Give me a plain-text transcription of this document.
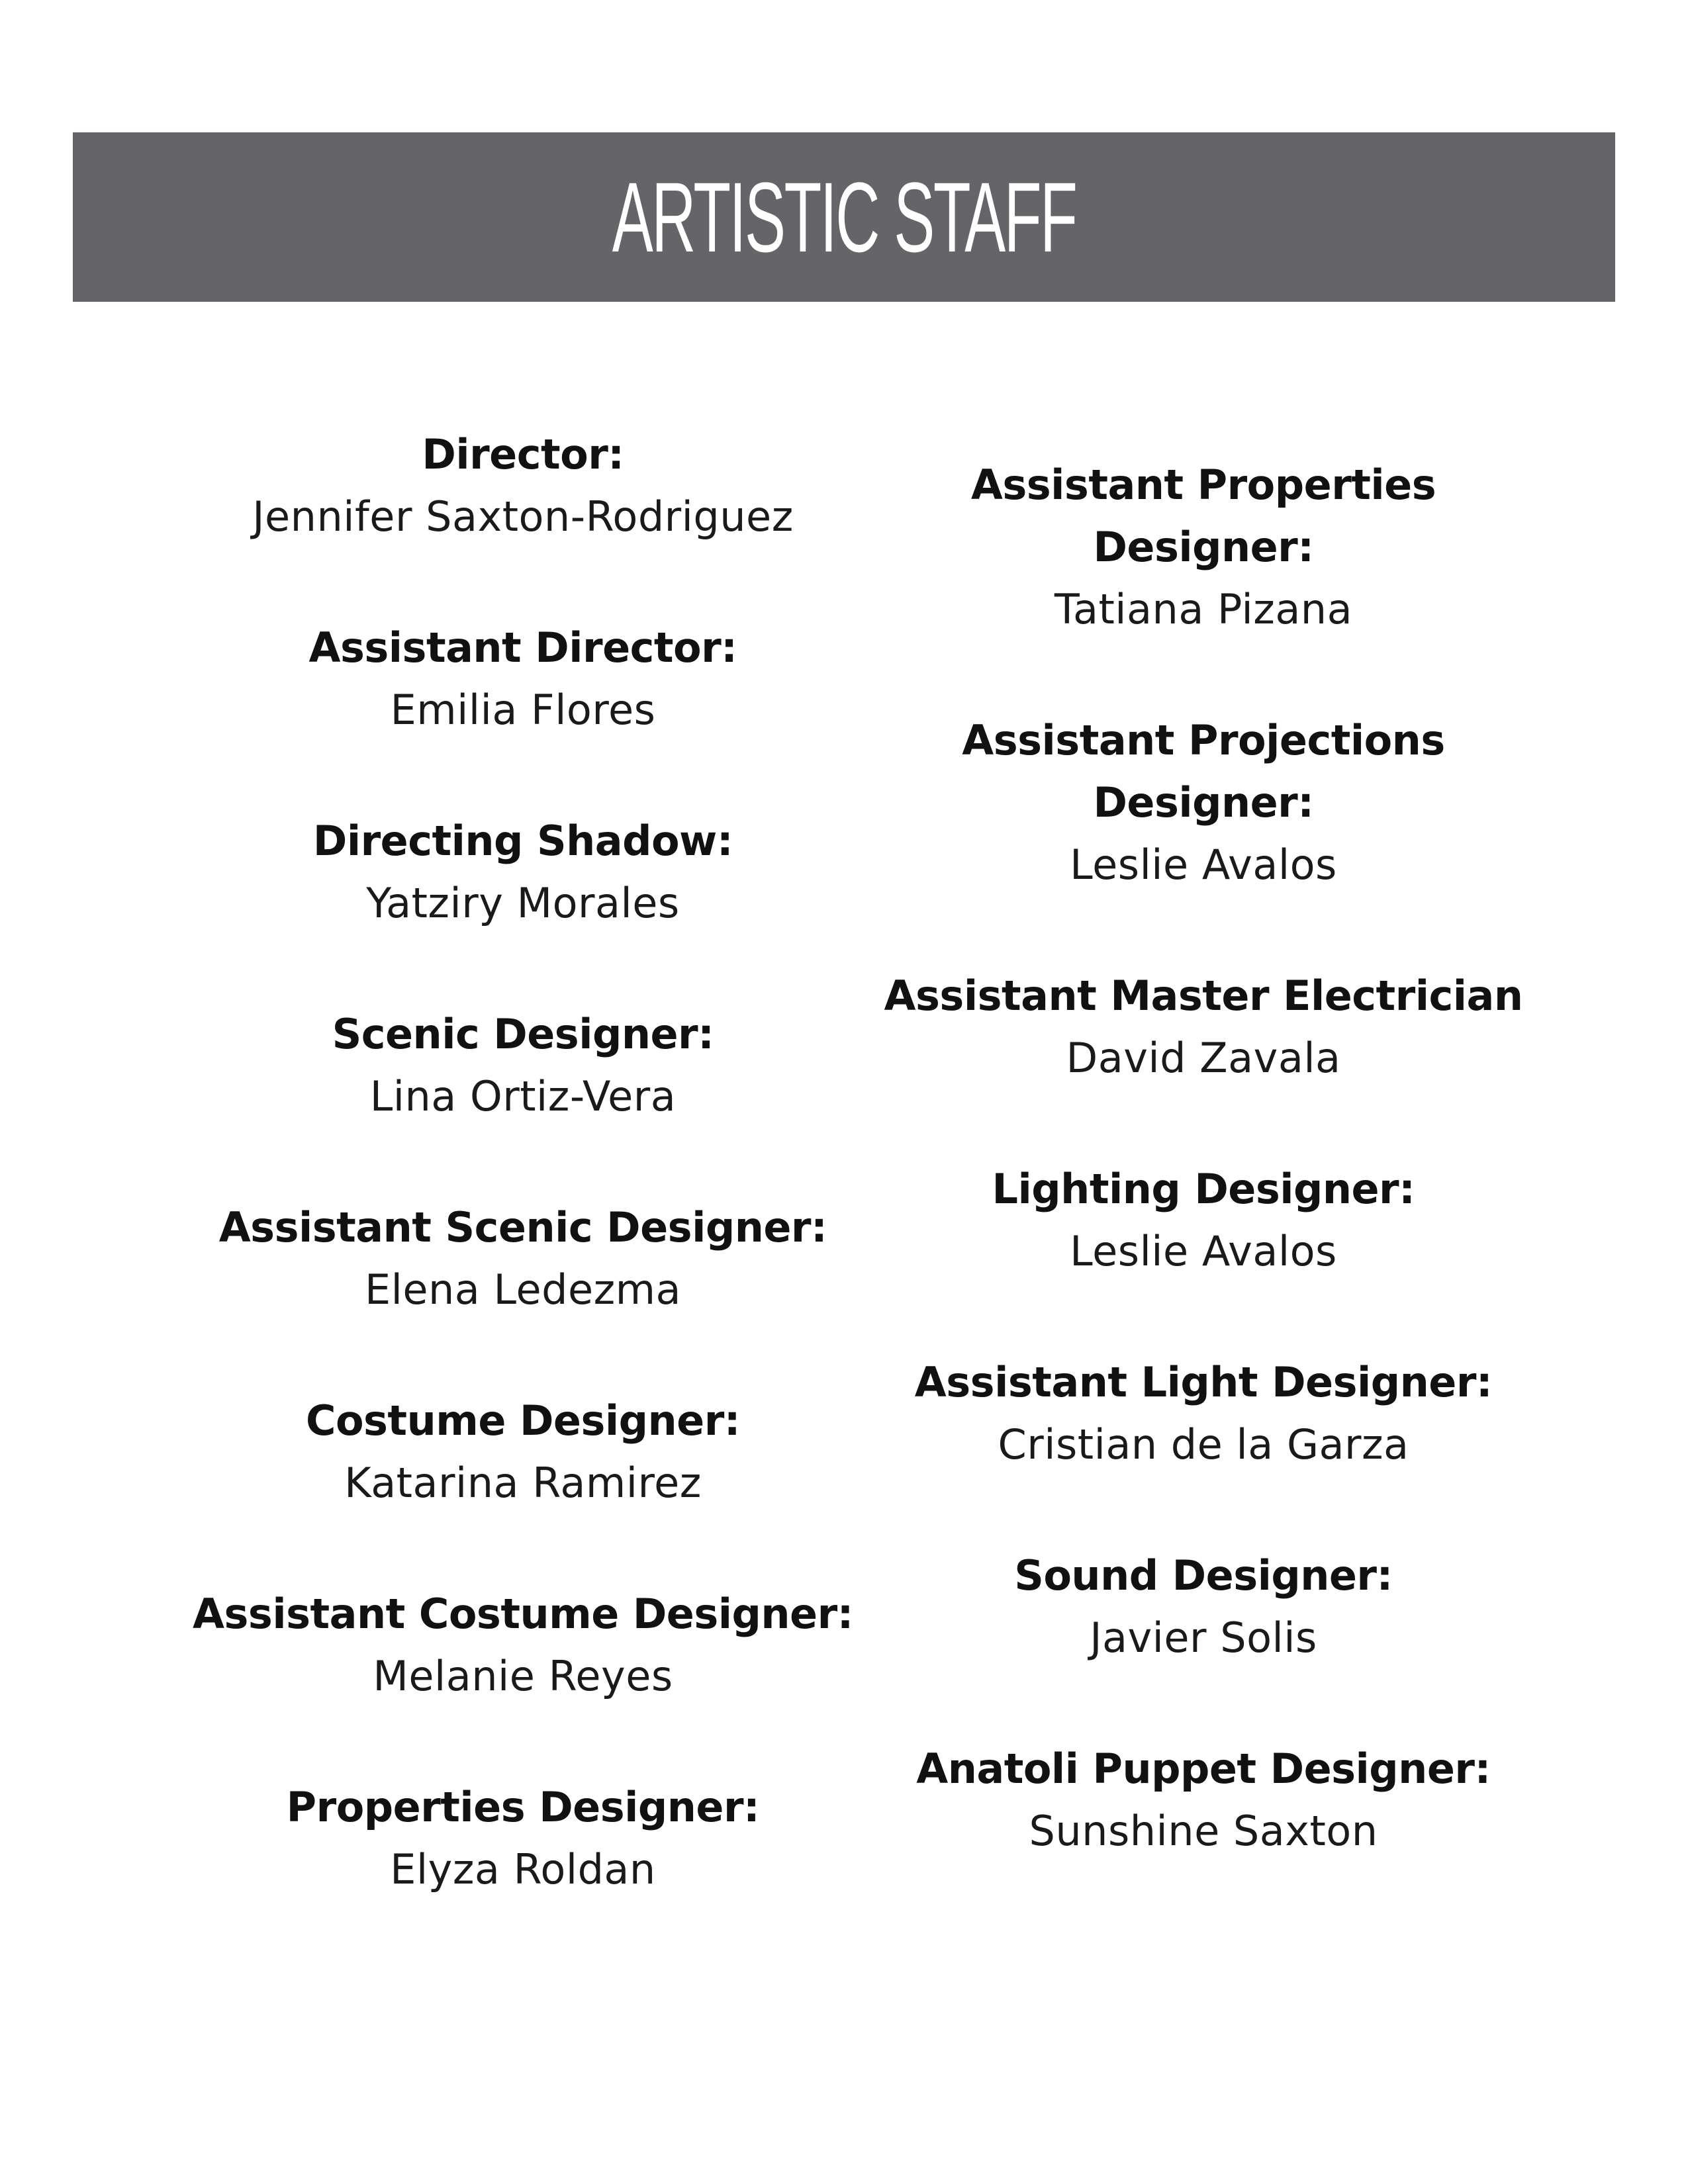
ARTISTIC STAFF
Director:
Jennifer Saxton-Rodriguez
Assistant Director:
Emilia Flores
Directing Shadow:
Yatziry Morales
Scenic Designer:
Lina Ortiz-Vera
Assistant Scenic Designer:
Elena Ledezma
Costume Designer:
Katarina Ramirez
Assistant Costume Designer:
Melanie Reyes
Properties Designer:
Elyza Roldan
Assistant Properties Designer:
Tatiana Pizana
Assistant Projections Designer:
Leslie Avalos
Assistant Master Electrician
David Zavala
Lighting Designer:
Leslie Avalos
Assistant Light Designer:
Cristian de la Garza
Sound Designer:
Javier Solis
Anatoli Puppet Designer:
Sunshine Saxton
